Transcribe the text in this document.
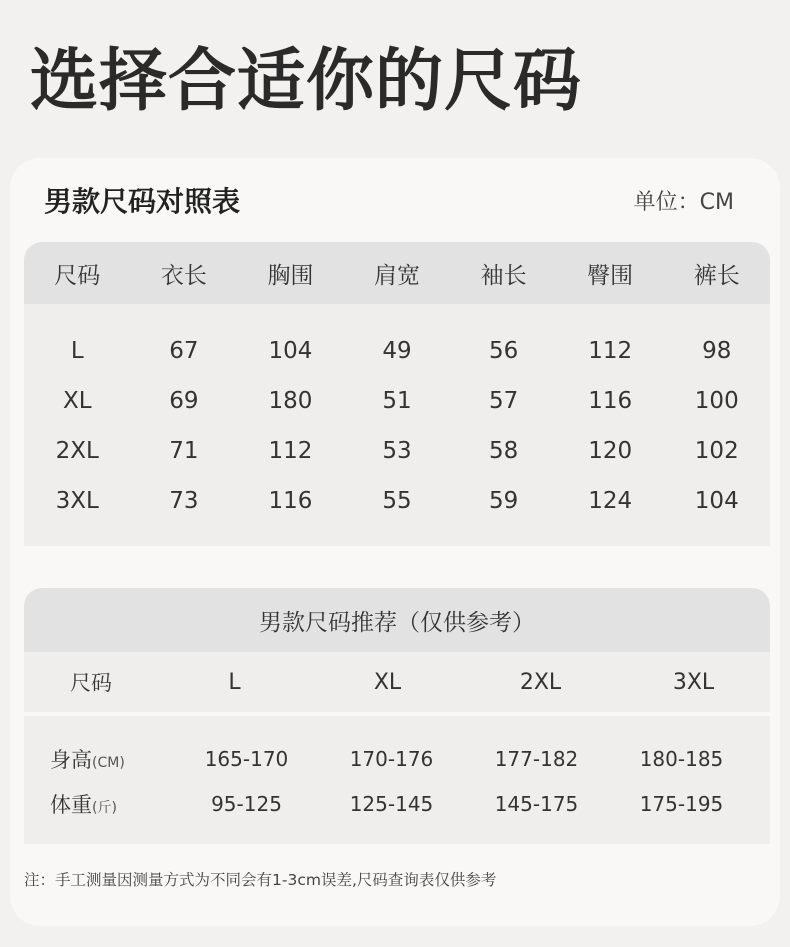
选择合适你的尺码
男款尺码对照表	单位：CM
尺码	衣长	胸围	肩宽	袖长	臀围	裤长
L	67	104	49	56	112	98
XL	69	180	51	57	116	100
2XL	71	112	53	58	120	102
3XL	73	116	55	59	124	104
男款尺码推荐（仅供参考）
尺码	L	XL	2XL	3XL
身高(CM)	165-170	170-176	177-182	180-185
体重(斤)	95-125	125-145	145-175	175-195
注：手工测量因测量方式为不同会有1-3cm误差,尺码查询表仅供参考
